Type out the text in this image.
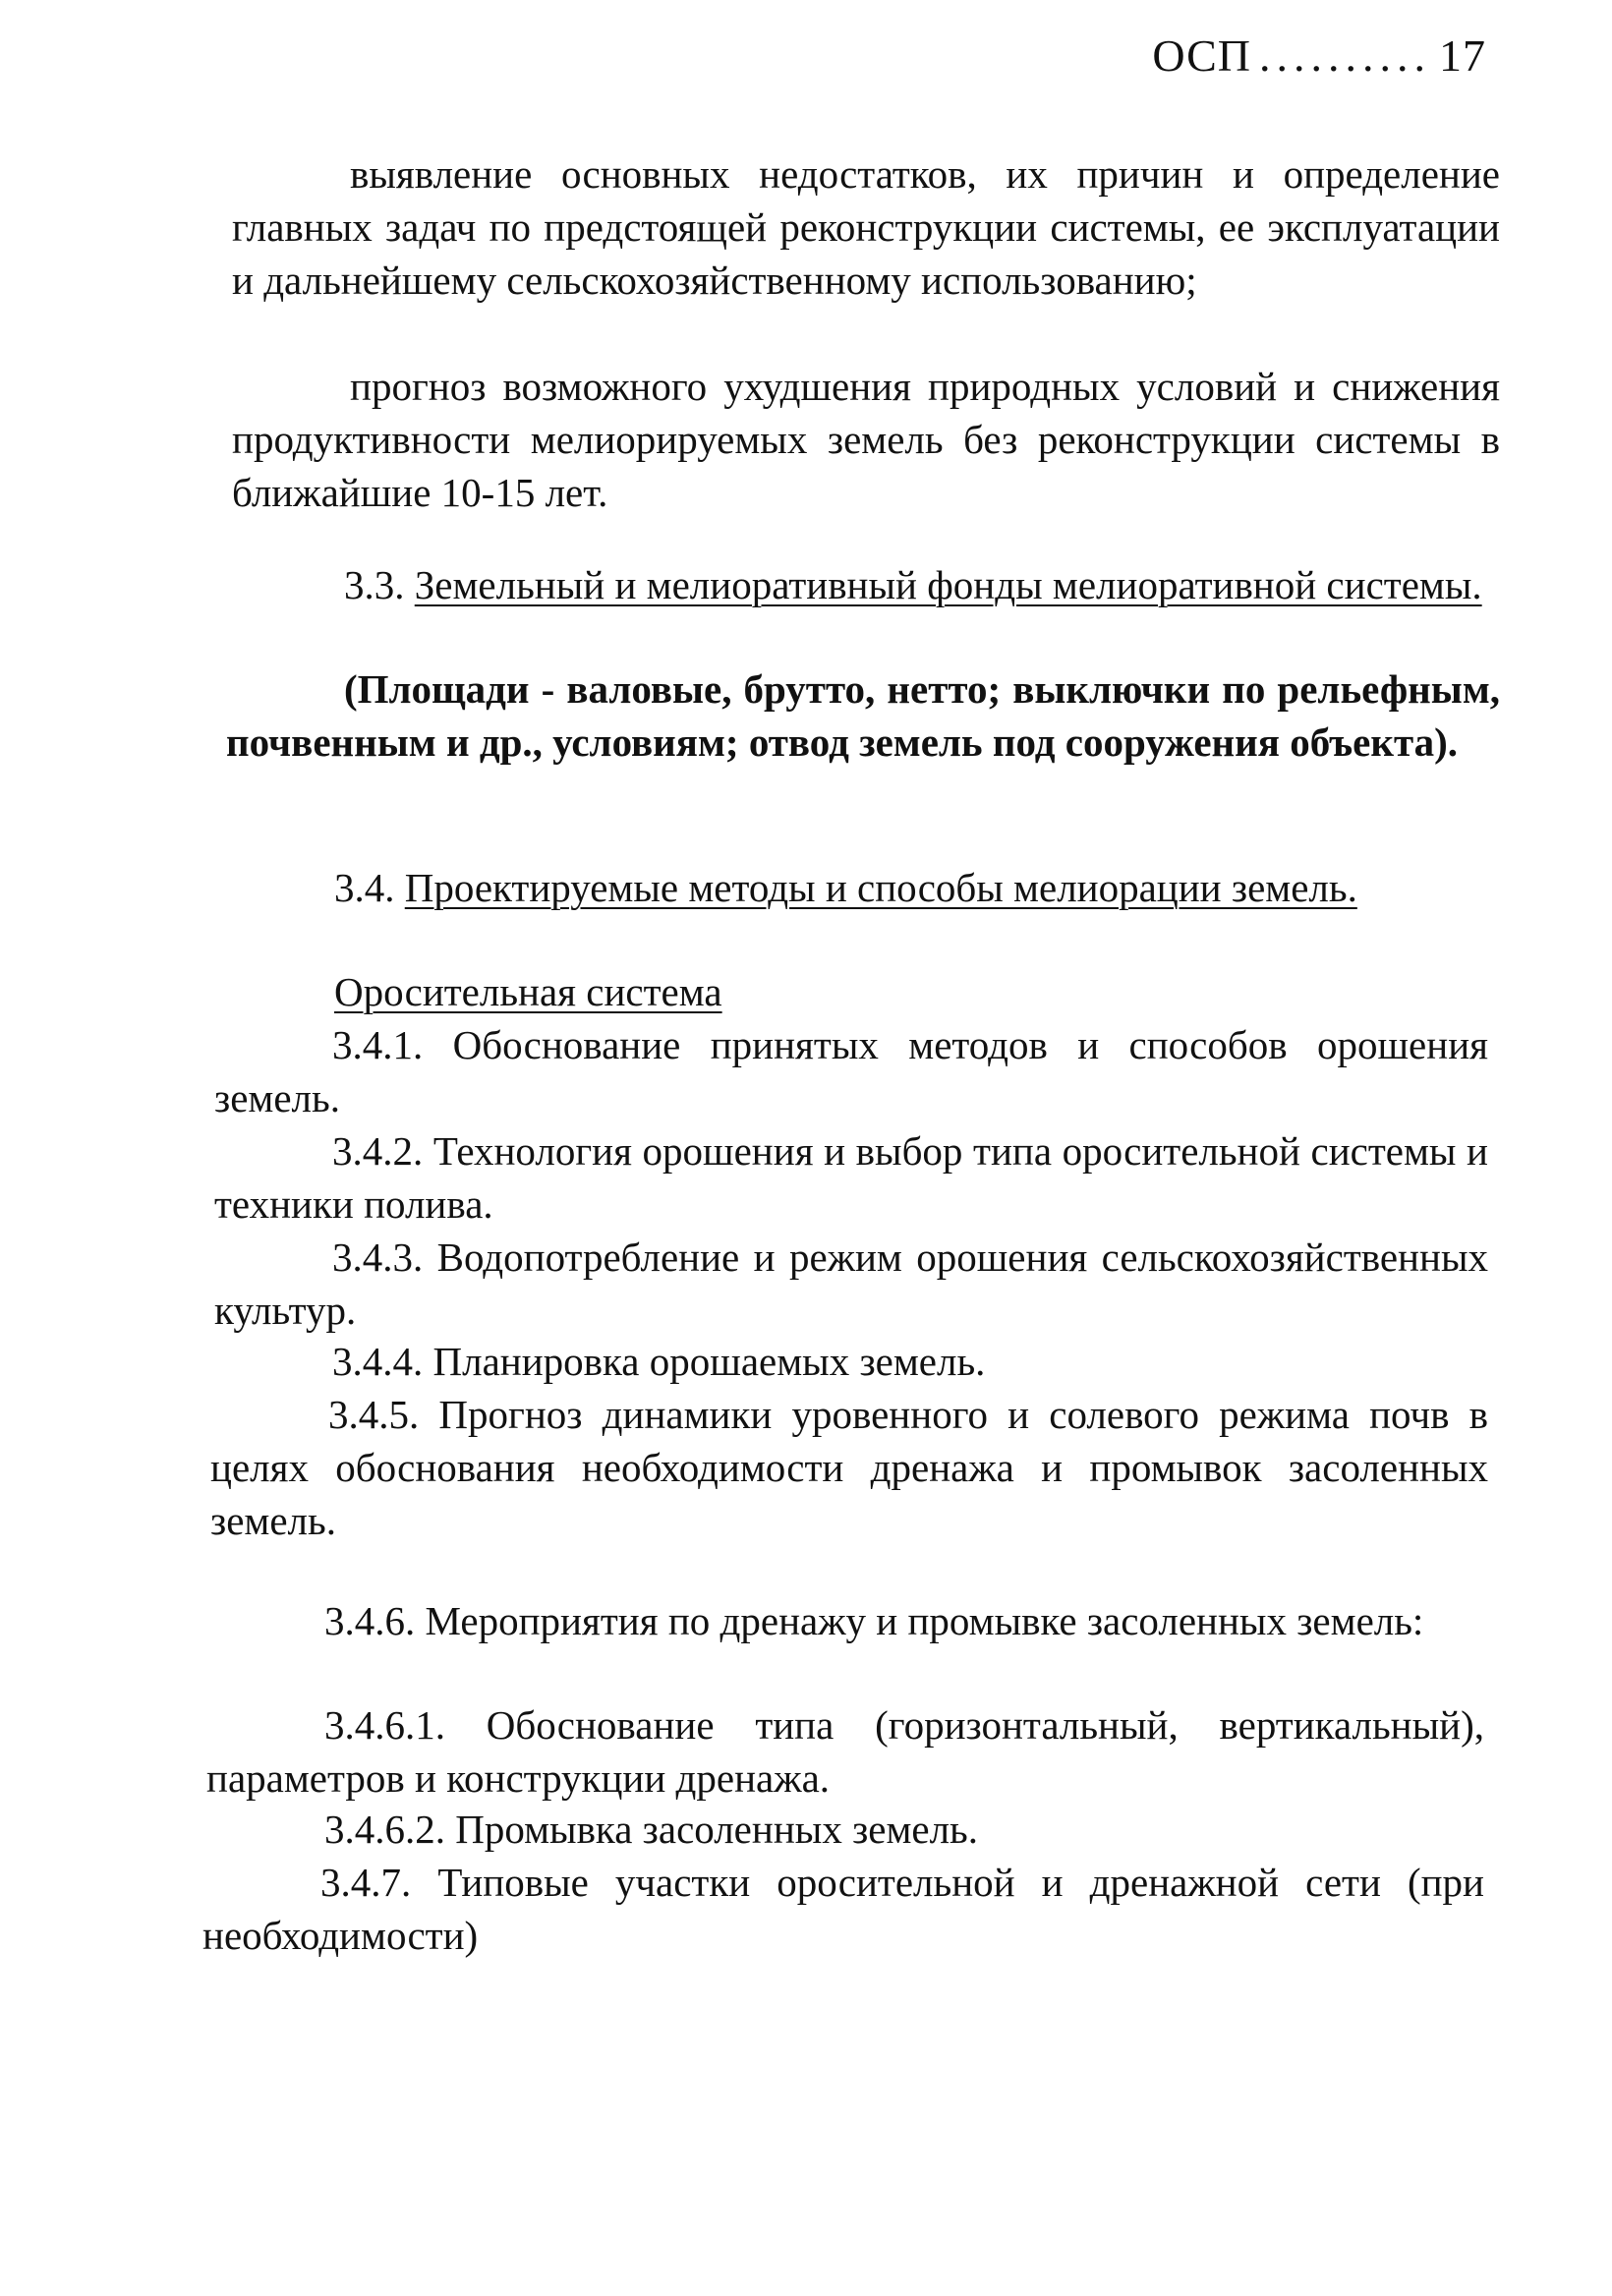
ОСП .......... 17
выявление основных недостатков, их причин и определение главных задач по предстоящей реконструкции системы, ее эксплуатации и дальнейшему сельскохозяйственному использованию;
прогноз возможного ухудшения природных условий и снижения продуктивности мелиорируемых земель без реконструкции системы в ближайшие 10-15 лет.
3.3. Земельный и мелиоративный фонды мелиоративной системы.
(Площади - валовые, брутто, нетто; выключки по рельефным, почвенным и др., условиям; отвод земель под сооружения объекта).
3.4. Проектируемые методы и способы мелиорации земель.
Оросительная система
3.4.1. Обоснование принятых методов и способов орошения земель.
3.4.2. Технология орошения и выбор типа оросительной системы и техники полива.
3.4.3. Водопотребление и режим орошения сельскохозяйственных культур.
3.4.4. Планировка орошаемых земель.
3.4.5. Прогноз динамики уровенного и солевого режима почв в целях обоснования необходимости дренажа и промывок засоленных земель.
3.4.6. Мероприятия по дренажу и промывке засоленных земель:
3.4.6.1. Обоснование типа (горизонтальный, вертикальный), параметров и конструкции дренажа.
3.4.6.2. Промывка засоленных земель.
3.4.7. Типовые участки оросительной и дренажной сети (при необходимости)
